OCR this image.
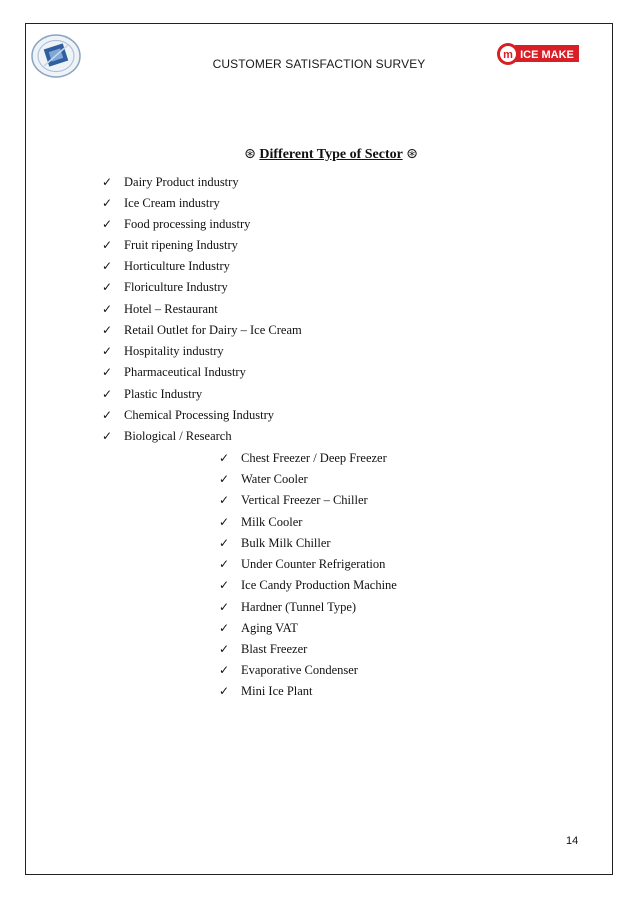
CUSTOMER SATISFACTION SURVEY
m ICE MAKE
⊛ Different Type of Sector ⊛
✓ Dairy Product industry
✓ Ice Cream industry
✓ Food processing industry
✓ Fruit ripening Industry
✓ Horticulture Industry
✓ Floriculture Industry
✓ Hotel – Restaurant
✓ Retail Outlet for Dairy – Ice Cream
✓ Hospitality industry
✓ Pharmaceutical Industry
✓ Plastic Industry
✓ Chemical Processing Industry
✓ Biological / Research
✓ Chest Freezer / Deep Freezer
✓ Water Cooler
✓ Vertical Freezer – Chiller
✓ Milk Cooler
✓ Bulk Milk Chiller
✓ Under Counter Refrigeration
✓ Ice Candy Production Machine
✓ Hardner (Tunnel Type)
✓ Aging VAT
✓ Blast Freezer
✓ Evaporative Condenser
✓ Mini Ice Plant
14
